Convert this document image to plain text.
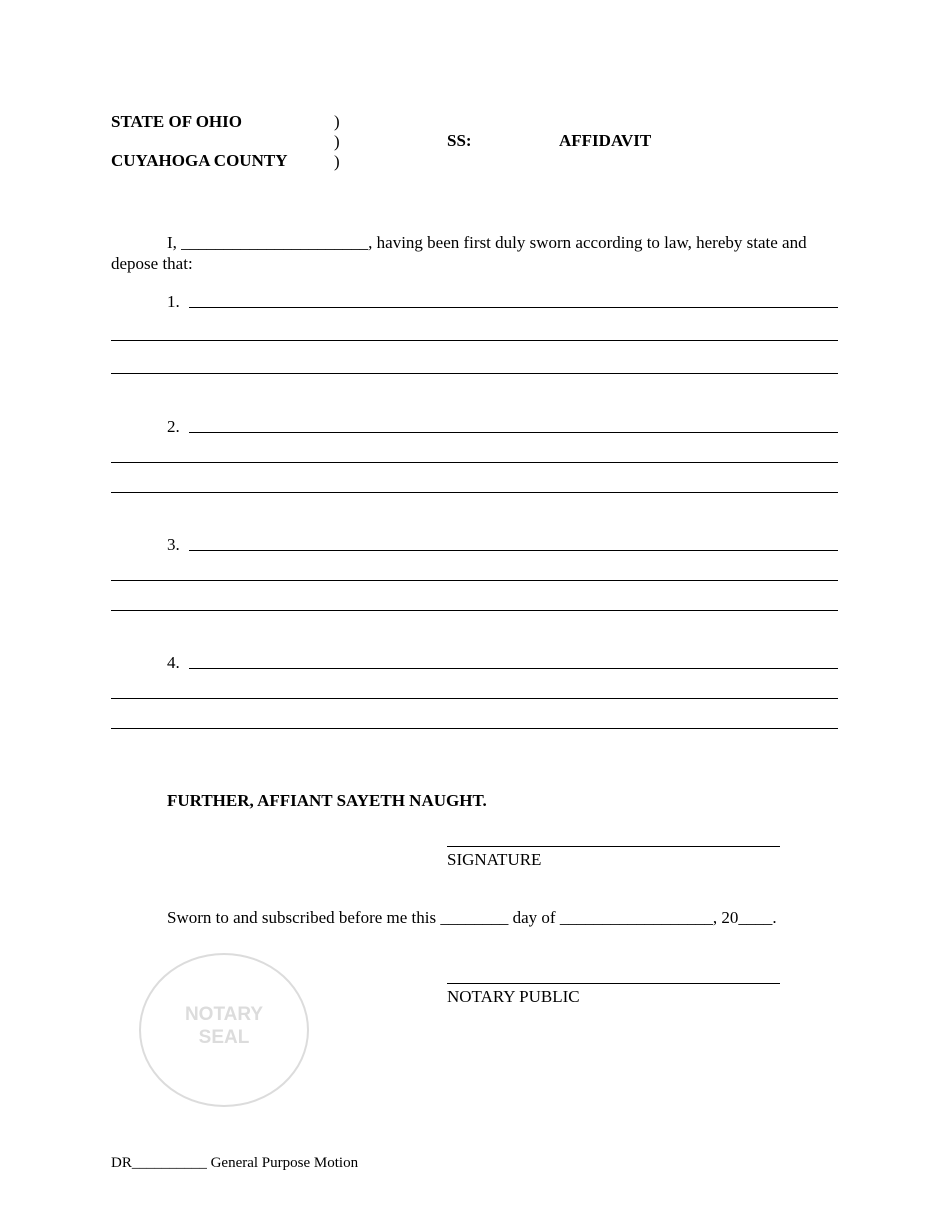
STATE OF OHIO
CUYAHOGA COUNTY
)
)
)
SS:	AFFIDAVIT
I, ______________________, having been first duly sworn according to law, hereby state and
depose that:
1.
2.
3.
4.
FURTHER, AFFIANT SAYETH NAUGHT.
SIGNATURE
Sworn to and subscribed before me this ________ day of __________________, 20____.
NOTARY PUBLIC
NOTARY
SEAL
DR__________ General Purpose Motion
